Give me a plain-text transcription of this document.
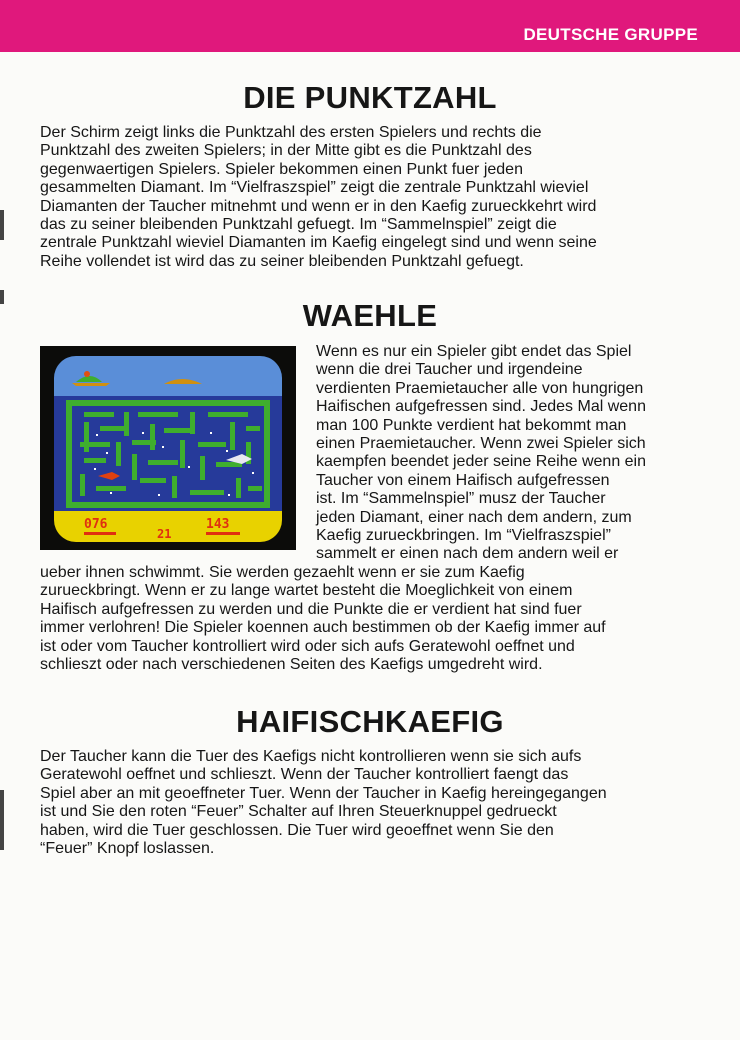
DEUTSCHE GRUPPE
DIE PUNKTZAHL
Der Schirm zeigt links die Punktzahl des ersten Spielers und rechts die
Punktzahl des zweiten Spielers; in der Mitte gibt es die Punktzahl des
gegenwaertigen Spielers. Spieler bekommen einen Punkt fuer jeden
gesammelten Diamant. Im “Vielfraszspiel” zeigt die zentrale Punktzahl wieviel
Diamanten der Taucher mitnehmt und wenn er in den Kaefig zurueckkehrt wird
das zu seiner bleibenden Punktzahl gefuegt. Im “Sammelnspiel” zeigt die
zentrale Punktzahl wieviel Diamanten im Kaefig eingelegt sind und wenn seine
Reihe vollendet ist wird das zu seiner bleibenden Punktzahl gefuegt.
WAEHLE
076
21
143
Wenn es nur ein Spieler gibt endet das Spiel
wenn die drei Taucher und irgendeine
verdienten Praemietaucher alle von hungrigen
Haifischen aufgefressen sind. Jedes Mal wenn
man 100 Punkte verdient hat bekommt man
einen Praemietaucher. Wenn zwei Spieler sich
kaempfen beendet jeder seine Reihe wenn ein
Taucher von einem Haifisch aufgefressen
ist. Im “Sammelnspiel” musz der Taucher
jeden Diamant, einer nach dem andern, zum
Kaefig zurueckbringen. Im “Vielfraszspiel”
sammelt er einen nach dem andern weil er
ueber ihnen schwimmt. Sie werden gezaehlt wenn er sie zum Kaefig
zurueckbringt. Wenn er zu lange wartet besteht die Moeglichkeit von einem
Haifisch aufgefressen zu werden und die Punkte die er verdient hat sind fuer
immer verlohren! Die Spieler koennen auch bestimmen ob der Kaefig immer auf
ist oder vom Taucher kontrolliert wird oder sich aufs Geratewohl oeffnet und
schlieszt oder nach verschiedenen Seiten des Kaefigs umgedreht wird.
HAIFISCHKAEFIG
Der Taucher kann die Tuer des Kaefigs nicht kontrollieren wenn sie sich aufs
Geratewohl oeffnet und schlieszt. Wenn der Taucher kontrolliert faengt das
Spiel aber an mit geoeffneter Tuer. Wenn der Taucher in Kaefig hereingegangen
ist und Sie den roten “Feuer” Schalter auf Ihren Steuerknuppel gedrueckt
haben, wird die Tuer geschlossen. Die Tuer wird geoeffnet wenn Sie den
“Feuer” Knopf loslassen.
